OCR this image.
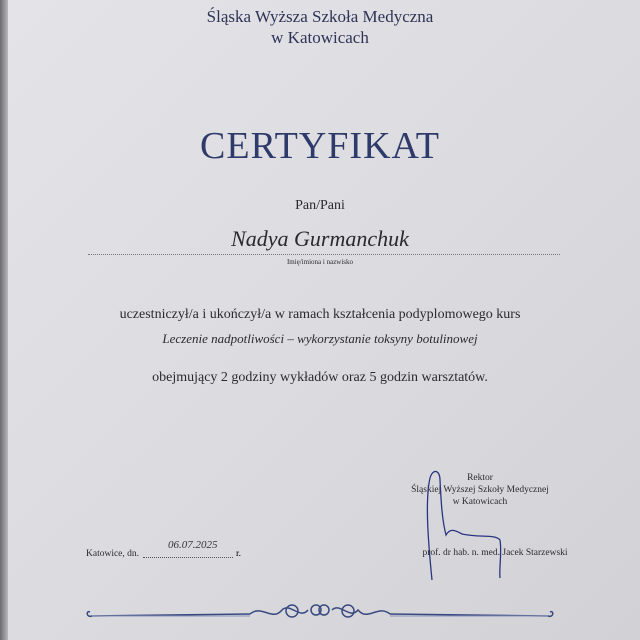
Śląska Wyższa Szkoła Medyczna
w Katowicach
CERTYFIKAT
Pan/Pani
Nadya Gurmanchuk
Imię/imiona i nazwisko
uczestniczył/a i ukończył/a w ramach kształcenia podyplomowego kurs
Leczenie nadpotliwości – wykorzystanie toksyny botulinowej
obejmujący 2 godziny wykładów oraz 5 godzin warsztatów.
Rektor
Śląskiej Wyższej Szkoły Medycznej
w Katowicach
prof. dr hab. n. med. Jacek Starzewski
Katowice, dn.
06.07.2025
r.
